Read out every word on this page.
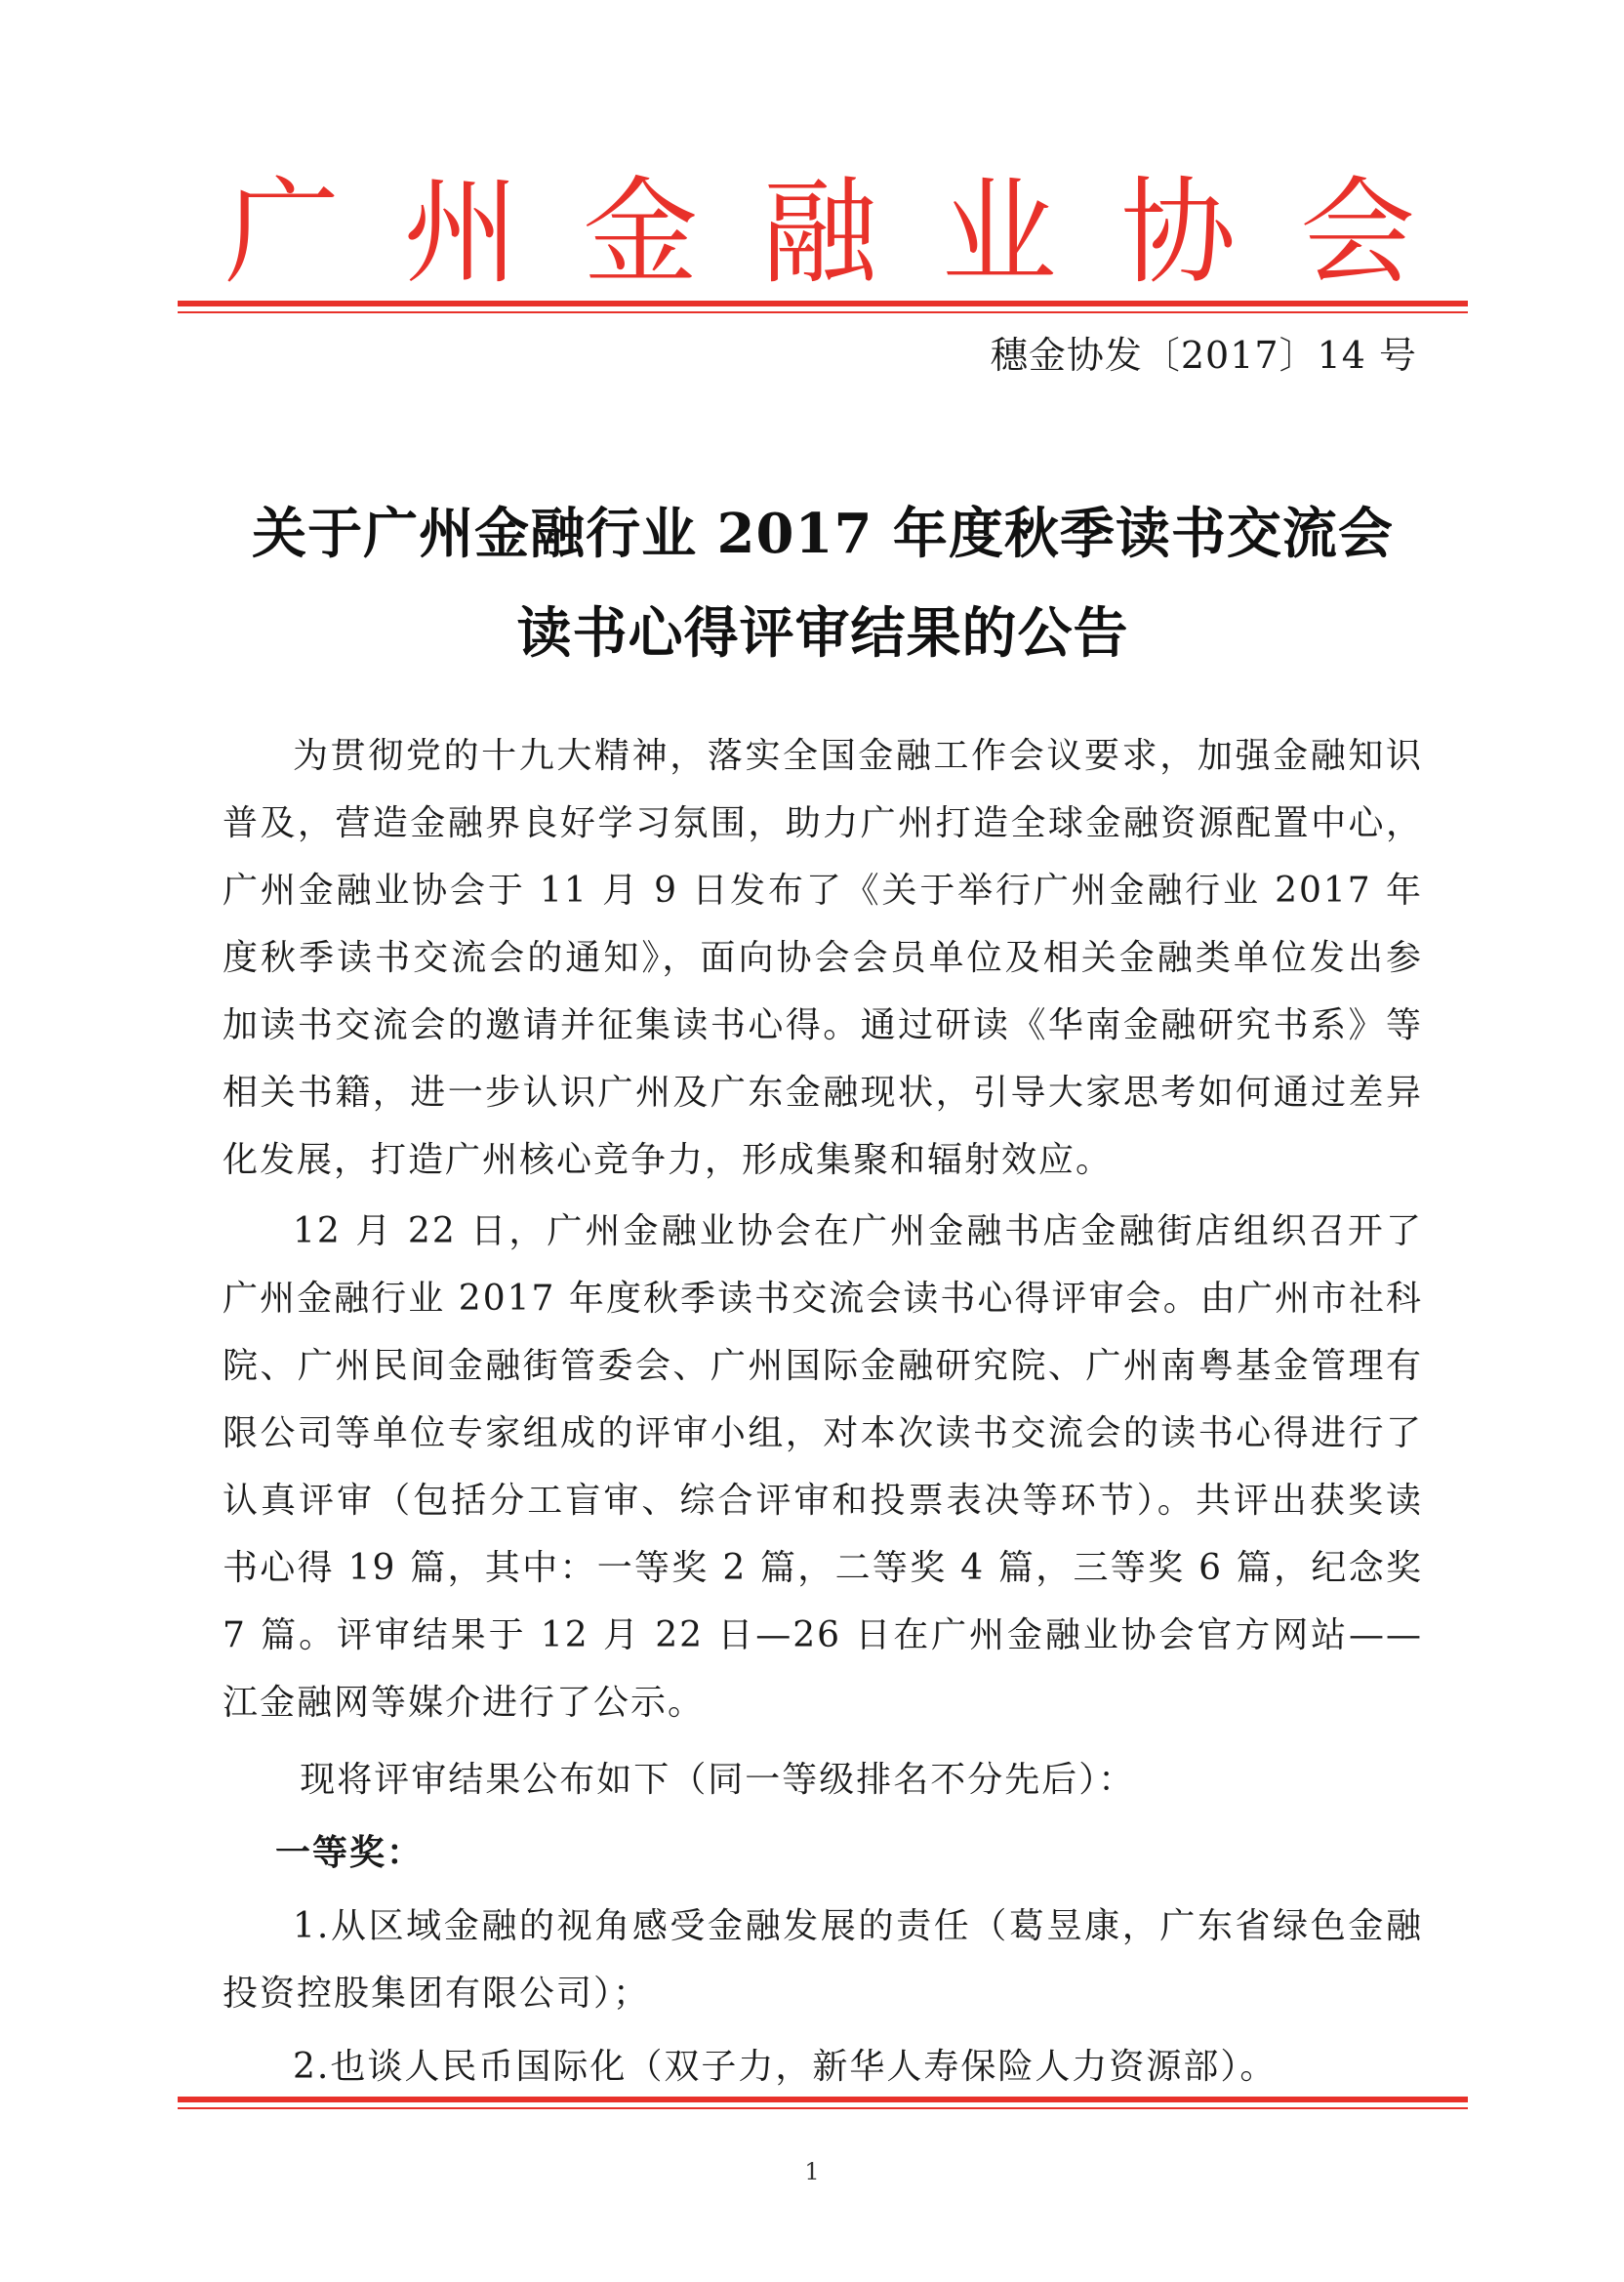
广 州 金 融 业 协 会
穗金协发〔2017〕14 号
关于广州金融行业 2017 年度秋季读书交流会
读书心得评审结果的公告

为贯彻党的十九大精神，落实全国金融工作会议要求，加强金融知识普及，营造金融界良好学习氛围，助力广州打造全球金融资源配置中心，广州金融业协会于 11 月 9 日发布了《关于举行广州金融行业 2017 年度秋季读书交流会的通知》，面向协会会员单位及相关金融类单位发出参加读书交流会的邀请并征集读书心得。通过研读《华南金融研究书系》等相关书籍，进一步认识广州及广东金融现状，引导大家思考如何通过差异化发展，打造广州核心竞争力，形成集聚和辐射效应。

12 月 22 日，广州金融业协会在广州金融书店金融街店组织召开了广州金融行业 2017 年度秋季读书交流会读书心得评审会。由广州市社科院、广州民间金融街管委会、广州国际金融研究院、广州南粤基金管理有限公司等单位专家组成的评审小组，对本次读书交流会的读书心得进行了认真评审（包括分工盲审、综合评审和投票表决等环节）。共评出获奖读书心得 19 篇，其中：一等奖 2 篇，二等奖 4 篇，三等奖 6 篇，纪念奖 7 篇。评审结果于 12 月 22 日—26 日在广州金融业协会官方网站——江金融网等媒介进行了公示。

现将评审结果公布如下（同一等级排名不分先后）：

一等奖：

1.从区域金融的视角感受金融发展的责任（葛昱康，广东省绿色金融投资控股集团有限公司）；

2.也谈人民币国际化（双子力，新华人寿保险人力资源部）。

1
